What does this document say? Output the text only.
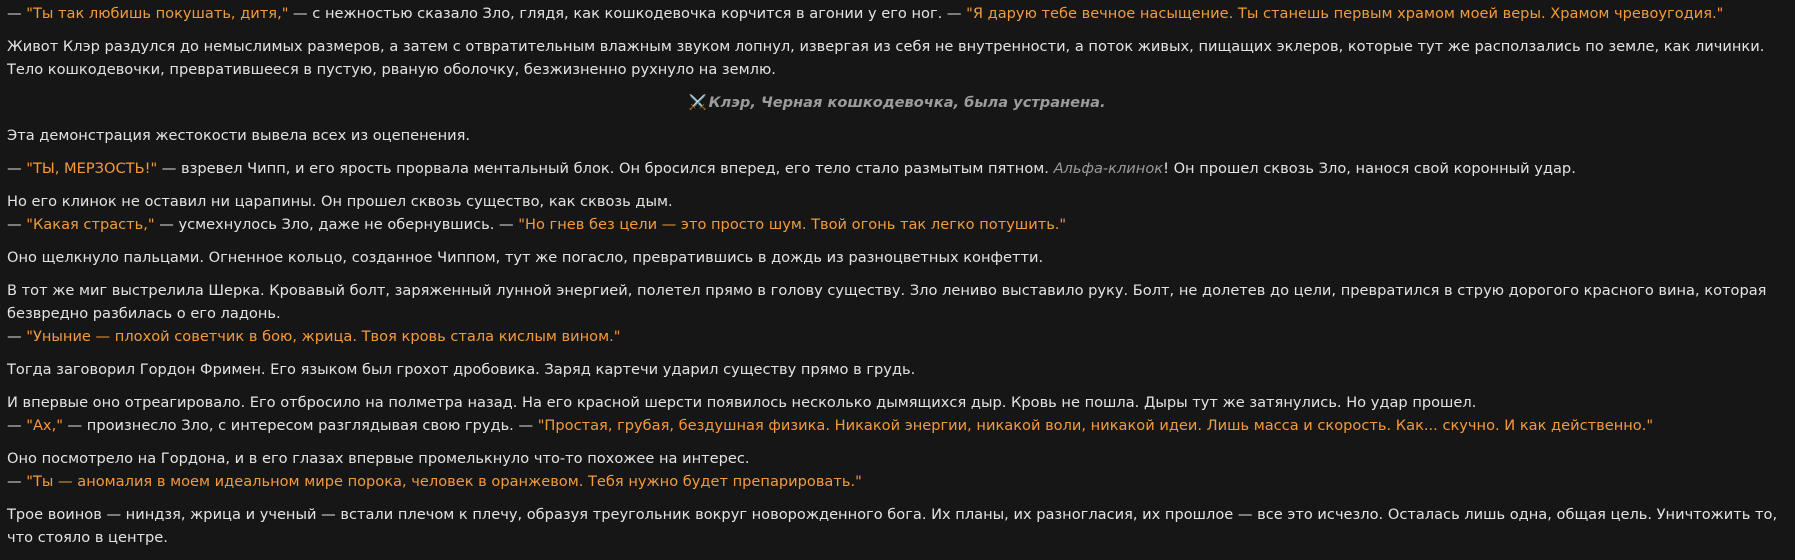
— "Ты так любишь покушать, дитя," — с нежностью сказало Зло, глядя, как кошкодевочка корчится в агонии у его ног. — "Я дарую тебе вечное насыщение. Ты станешь первым храмом моей веры. Храмом чревоугодия."

Живот Клэр раздулся до немыслимых размеров, а затем с отвратительным влажным звуком лопнул, извергая из себя не внутренности, а поток живых, пищащих эклеров, которые тут же расползались по земле, как личинки. Тело кошкодевочки, превратившееся в пустую, рваную оболочку, безжизненно рухнуло на землю.

⚔️ Клэр, Черная кошкодевочка, была устранена.

Эта демонстрация жестокости вывела всех из оцепенения.

— "ТЫ, МЕРЗОСТЬ!" — взревел Чипп, и его ярость прорвала ментальный блок. Он бросился вперед, его тело стало размытым пятном. Альфа-клинок! Он прошел сквозь Зло, нанося свой коронный удар.

Но его клинок не оставил ни царапины. Он прошел сквозь существо, как сквозь дым.

— "Какая страсть," — усмехнулось Зло, даже не обернувшись. — "Но гнев без цели — это просто шум. Твой огонь так легко потушить."

Оно щелкнуло пальцами. Огненное кольцо, созданное Чиппом, тут же погасло, превратившись в дождь из разноцветных конфетти.

В тот же миг выстрелила Шерка. Кровавый болт, заряженный лунной энергией, полетел прямо в голову существу. Зло лениво выставило руку. Болт, не долетев до цели, превратился в струю дорогого красного вина, которая безвредно разбилась о его ладонь.

— "Уныние — плохой советчик в бою, жрица. Твоя кровь стала кислым вином."

Тогда заговорил Гордон Фримен. Его языком был грохот дробовика. Заряд картечи ударил существу прямо в грудь.

И впервые оно отреагировало. Его отбросило на полметра назад. На его красной шерсти появилось несколько дымящихся дыр. Кровь не пошла. Дыры тут же затянулись. Но удар прошел.

— "Ах," — произнесло Зло, с интересом разглядывая свою грудь. — "Простая, грубая, бездушная физика. Никакой энергии, никакой воли, никакой идеи. Лишь масса и скорость. Как... скучно. И как действенно."

Оно посмотрело на Гордона, и в его глазах впервые промелькнуло что-то похожее на интерес.

— "Ты — аномалия в моем идеальном мире порока, человек в оранжевом. Тебя нужно будет препарировать."

Трое воинов — ниндзя, жрица и ученый — встали плечом к плечу, образуя треугольник вокруг новорожденного бога. Их планы, их разногласия, их прошлое — все это исчезло. Осталась лишь одна, общая цель. Уничтожить то, что стояло в центре.
